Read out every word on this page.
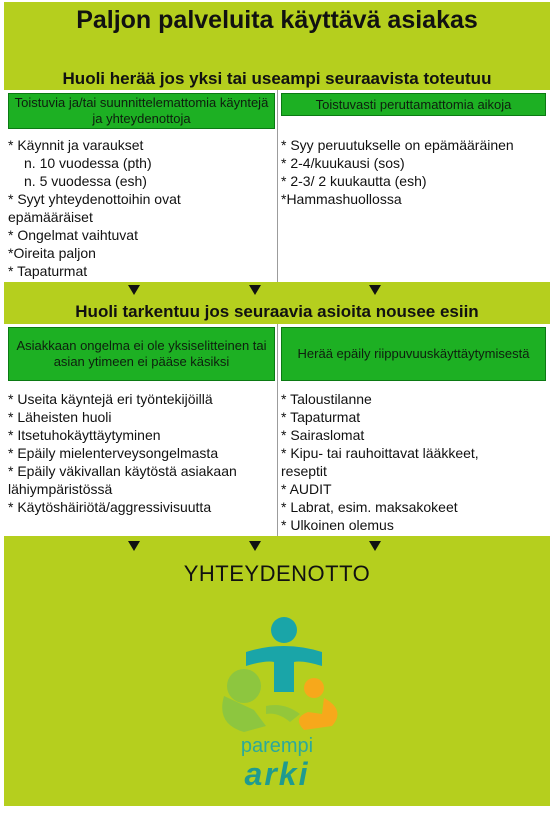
Paljon palveluita käyttävä asiakas
Huoli herää jos yksi tai useampi seuraavista toteutuu
Toistuvia ja/tai suunnittelemattomia käyntejä ja yhteydenottoja
Toistuvasti peruttamattomia aikoja
* Käynnit ja varaukset
n. 10 vuodessa (pth)
n. 5 vuodessa (esh)
* Syyt yhteydenottoihin ovat
epämääräiset
* Ongelmat vaihtuvat
*Oireita paljon
* Tapaturmat
* Syy peruutukselle on epämääräinen
* 2-4/kuukausi (sos)
* 2-3/ 2 kuukautta (esh)
*Hammashuollossa
Huoli tarkentuu jos seuraavia asioita nousee esiin
Asiakkaan ongelma ei ole yksiselitteinen tai asian ytimeen ei pääse käsiksi
Herää epäily riippuvuuskäyttäytymisestä
* Useita käyntejä eri työntekijöillä
* Läheisten huoli
* Itsetuhokäyttäytyminen
* Epäily mielenterveysongelmasta
* Epäily väkivallan käytöstä asiakaan
lähiympäristössä
* Käytöshäiriötä/aggressivisuutta
* Taloustilanne
* Tapaturmat
* Sairaslomat
* Kipu- tai rauhoittavat lääkkeet,
reseptit
* AUDIT
* Labrat, esim. maksakokeet
* Ulkoinen olemus
YHTEYDENOTTO
parempi
arki
